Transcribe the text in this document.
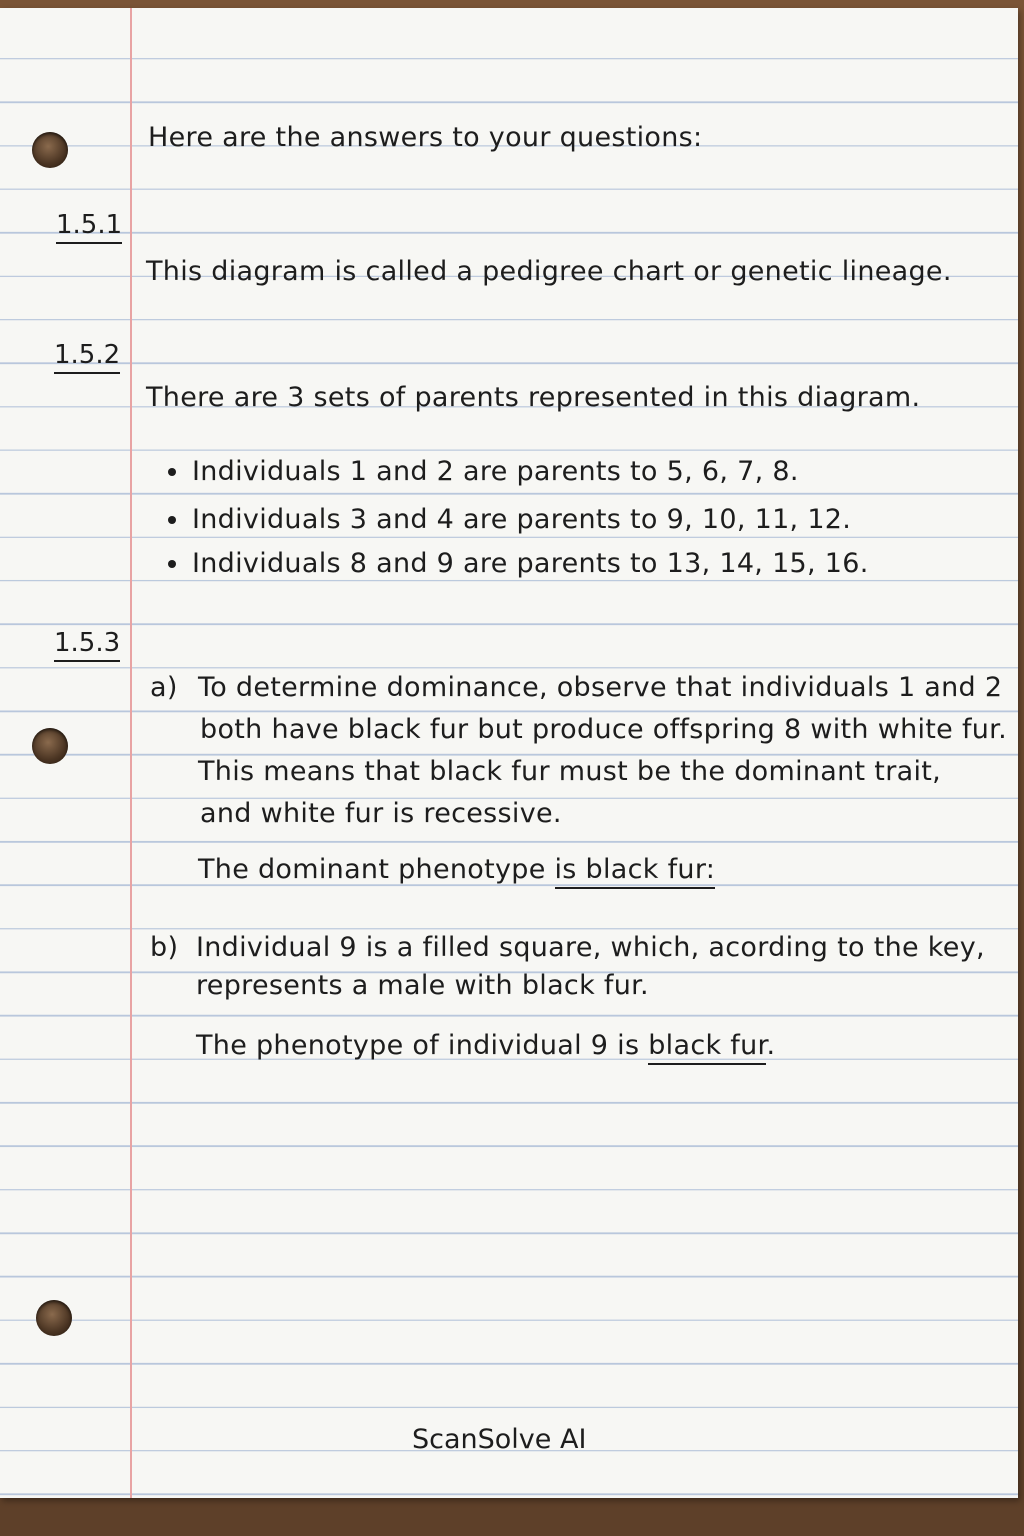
Here are the answers to your questions:
1.5.1
This diagram is called a pedigree chart or genetic lineage.
1.5.2
There are 3 sets of parents represented in this diagram.
Individuals 1 and 2 are parents to 5, 6, 7, 8.
Individuals 3 and 4 are parents to 9, 10, 11, 12.
Individuals 8 and 9 are parents to 13, 14, 15, 16.
1.5.3
a) To determine dominance, observe that individuals 1 and 2
both have black fur but produce offspring 8 with white fur.
This means that black fur must be the dominant trait,
and white fur is recessive.
The dominant phenotype is black fur:
b) Individual 9 is a filled square, which, acording to the key,
represents a male with black fur.
The phenotype of individual 9 is black fur.
ScanSolve AI
